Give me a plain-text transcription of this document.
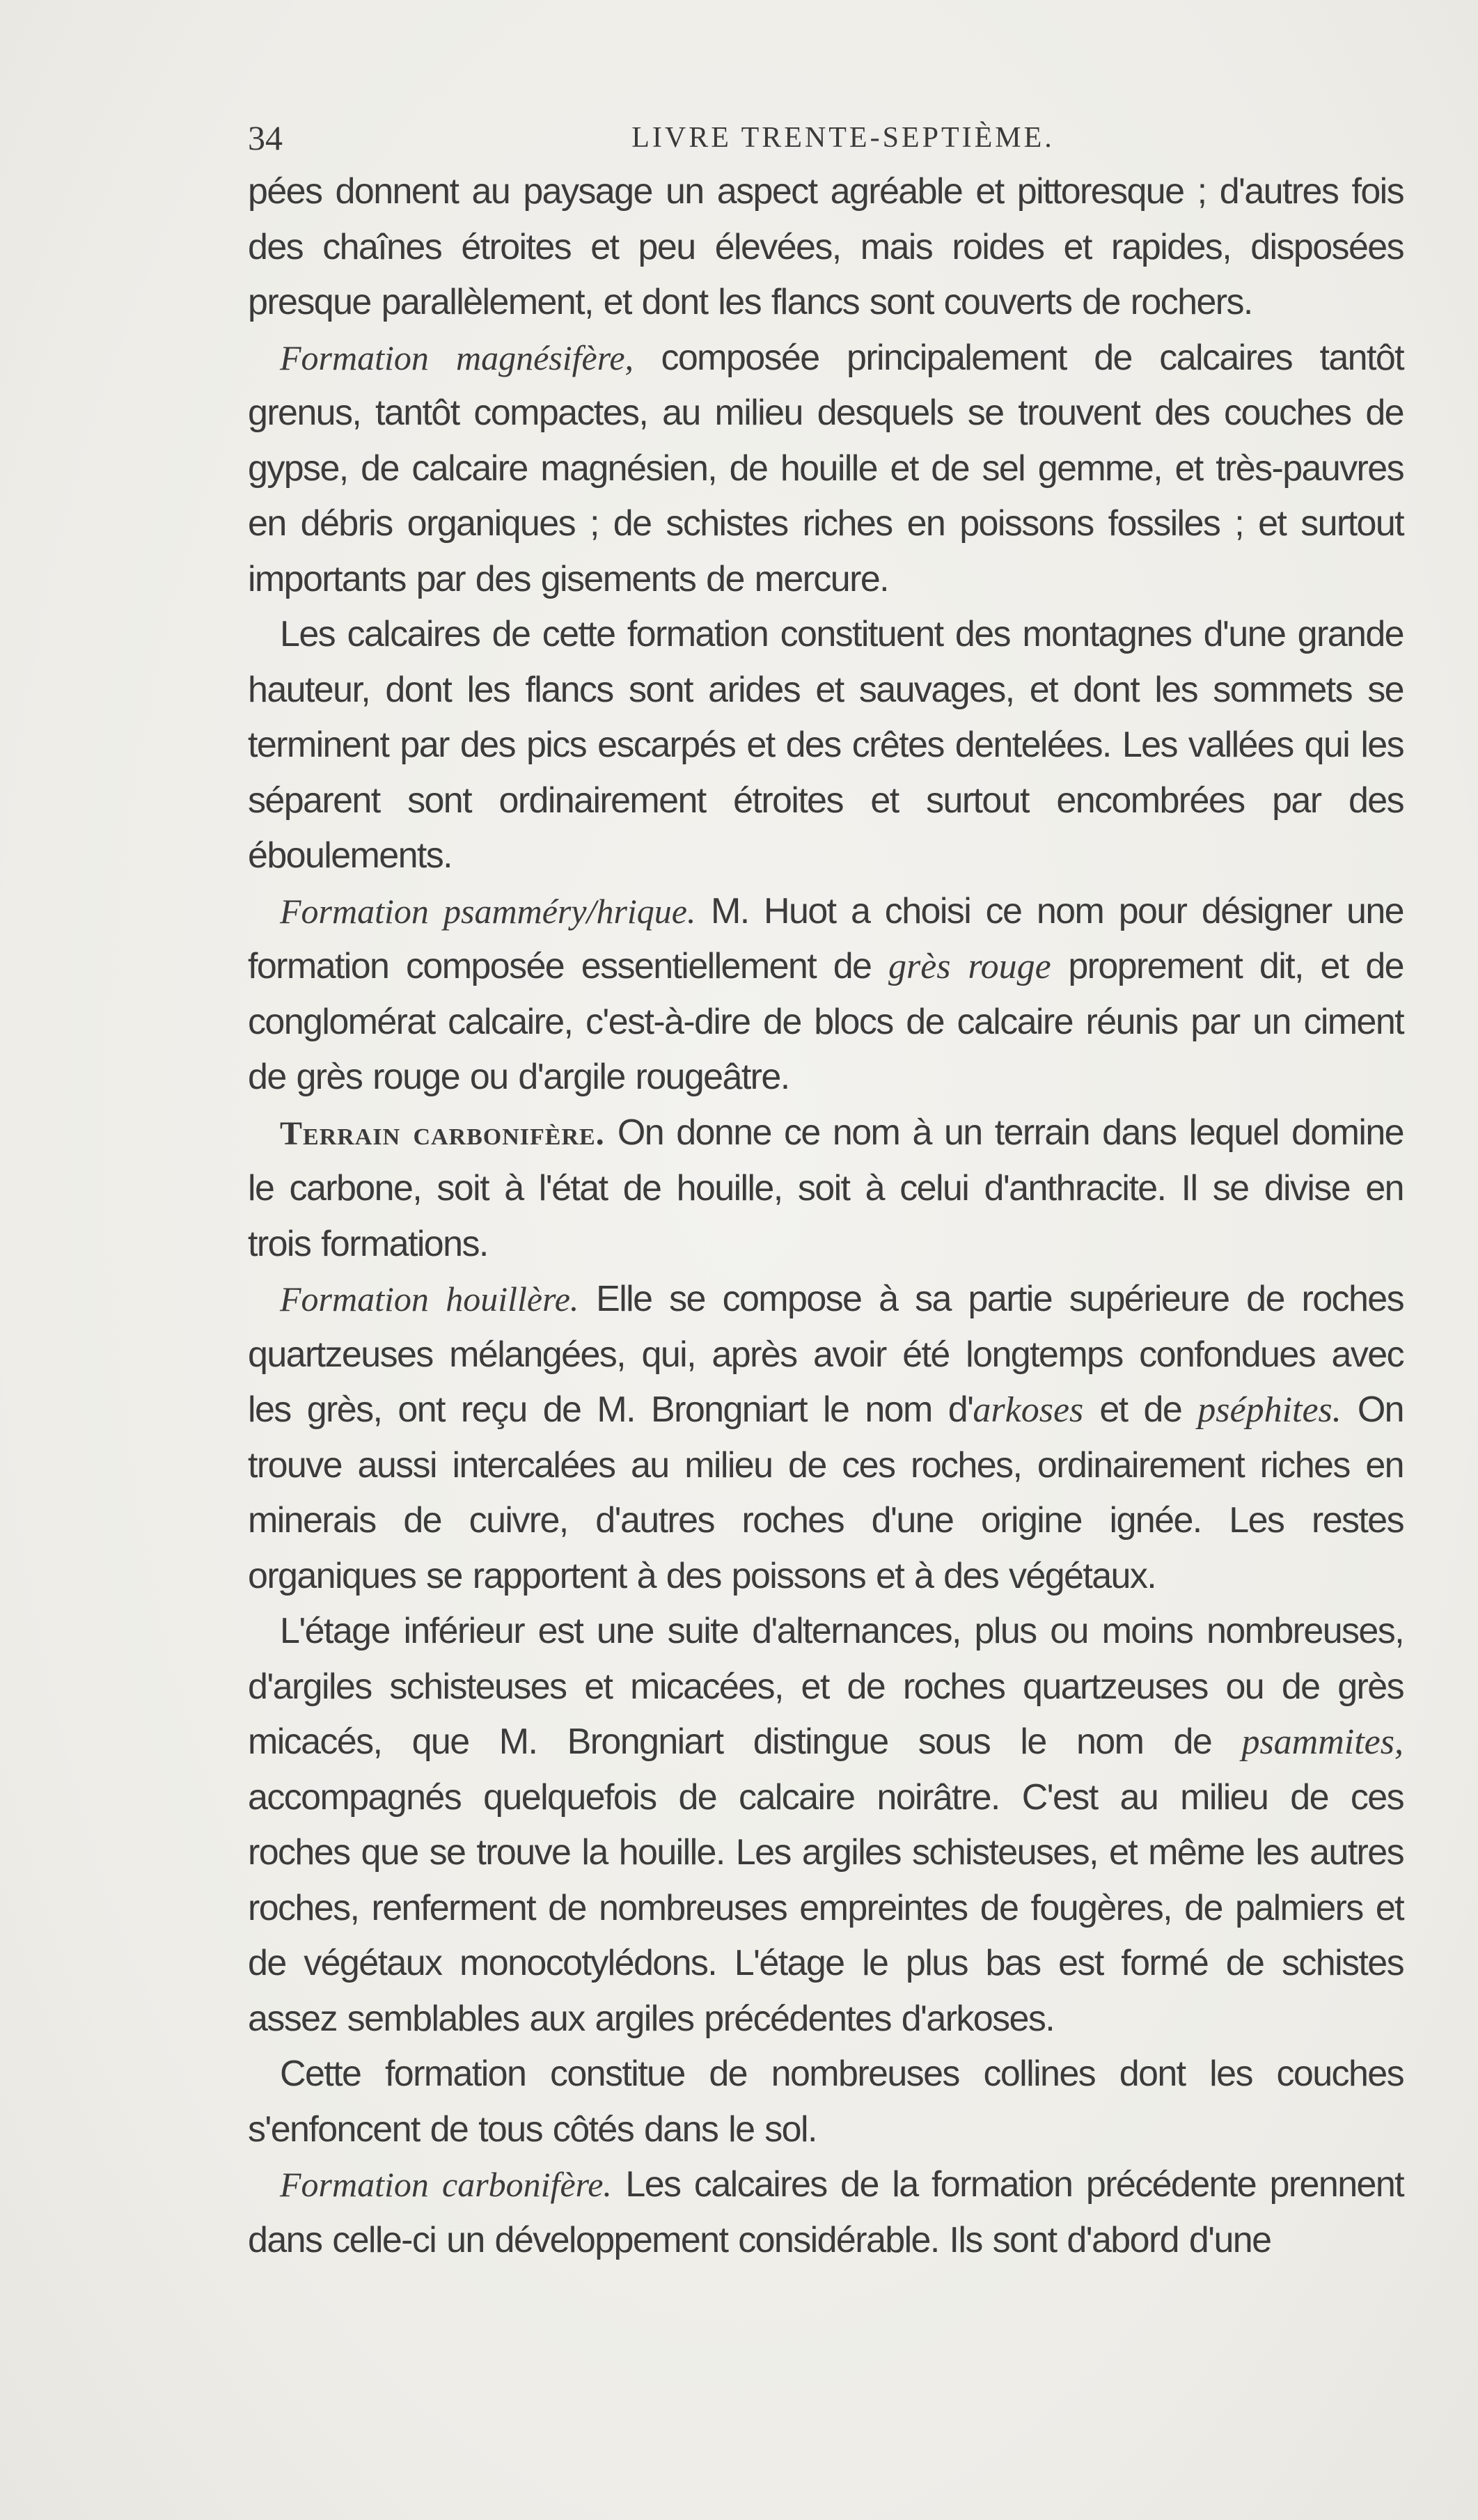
34	LIVRE TRENTE-SEPTIÈME.

pées donnent au paysage un aspect agréable et pittoresque ; d'autres fois des chaînes étroites et peu élevées, mais roides et rapides, disposées presque parallèlement, et dont les flancs sont couverts de rochers.

Formation magnésifère, composée principalement de calcaires tantôt grenus, tantôt compactes, au milieu desquels se trouvent des couches de gypse, de calcaire magnésien, de houille et de sel gemme, et très-pauvres en débris organiques ; de schistes riches en poissons fossiles ; et surtout importants par des gisements de mercure.

Les calcaires de cette formation constituent des montagnes d'une grande hauteur, dont les flancs sont arides et sauvages, et dont les sommets se terminent par des pics escarpés et des crêtes dentelées. Les vallées qui les séparent sont ordinairement étroites et surtout encombrées par des éboulements.

Formation psamméry/hrique. M. Huot a choisi ce nom pour désigner une formation composée essentiellement de grès rouge proprement dit, et de conglomérat calcaire, c'est-à-dire de blocs de calcaire réunis par un ciment de grès rouge ou d'argile rougeâtre.

Terrain carbonifère. On donne ce nom à un terrain dans lequel domine le carbone, soit à l'état de houille, soit à celui d'anthracite. Il se divise en trois formations.

Formation houillère. Elle se compose à sa partie supérieure de roches quartzeuses mélangées, qui, après avoir été longtemps confondues avec les grès, ont reçu de M. Brongniart le nom d'arkoses et de pséphites. On trouve aussi intercalées au milieu de ces roches, ordinairement riches en minerais de cuivre, d'autres roches d'une origine ignée. Les restes organiques se rapportent à des poissons et à des végétaux.

L'étage inférieur est une suite d'alternances, plus ou moins nombreuses, d'argiles schisteuses et micacées, et de roches quartzeuses ou de grès micacés, que M. Brongniart distingue sous le nom de psammites, accompagnés quelquefois de calcaire noirâtre. C'est au milieu de ces roches que se trouve la houille. Les argiles schisteuses, et même les autres roches, renferment de nombreuses empreintes de fougères, de palmiers et de végétaux monocotylédons. L'étage le plus bas est formé de schistes assez semblables aux argiles précédentes d'arkoses.

Cette formation constitue de nombreuses collines dont les couches s'enfoncent de tous côtés dans le sol.

Formation carbonifère. Les calcaires de la formation précédente prennent dans celle-ci un développement considérable. Ils sont d'abord d'une
